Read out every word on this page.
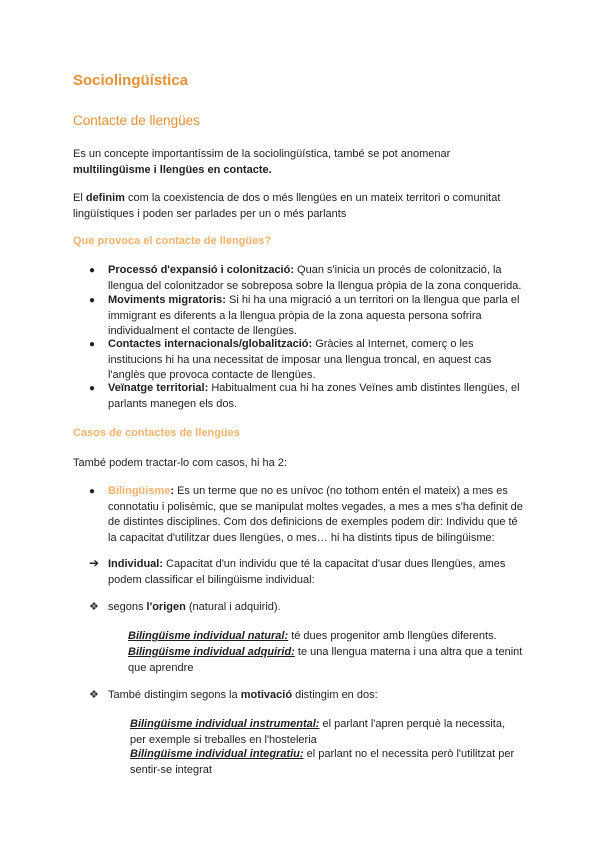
Sociolingüística
Contacte de llengües
Es un concepte importantíssim de la sociolingüística, també se pot anomenar
multilingüisme i llengües en contacte.
El definim com la coexistencia de dos o més llengües en un mateix territori o comunitat
lingüístiques i poden ser parlades per un o més parlants
Que provoca el contacte de llengües?
● Processó d'expansió i colonització: Quan s'inicia un procés de colonització, la
llengua del colonitzador se sobreposa sobre la llengua pròpia de la zona conquerida.
● Moviments migratoris: Si hi ha una migració a un territori on la llengua que parla el
immigrant es diferents a la llengua pròpia de la zona aquesta persona sofrira
individualment el contacte de llengües.
● Contactes internacionals/globalització: Gràcies al Internet, comerç o les
institucions hi ha una necessitat de imposar una llengua troncal, en aquest cas
l'anglès que provoca contacte de llengües.
● Veïnatge territorial: Habitualment cua hi ha zones Veïnes amb distintes llengües, el
parlants manegen els dos.
Casos de contactes de llengües
També podem tractar-lo com casos, hi ha 2:
● Bilingüisme: Es un terme que no es unívoc (no tothom entén el mateix) a mes es
connotatiu i polisèmic, que se manipulat moltes vegades, a mes a mes s'ha definit de
de distintes disciplines. Com dos definicions de exemples podem dir: Individu que té
la capacitat d'utilitzar dues llengües, o mes… hi ha distints tipus de bilingüisme:
➔ Individual: Capacitat d'un individu que té la capacitat d'usar dues llengües, ames
podem classificar el bilingüisme individual:
❖ segons l'origen (natural i adquirid).
Bilingüisme individual natural: té dues progenitor amb llengües diferents.
Bilingüisme individual adquirid: te una llengua materna i una altra que a tenint
que aprendre
❖ També distingim segons la motivació distingim en dos:
Bilingüisme individual instrumental: el parlant l'apren perquè la necessita,
per exemple si treballes en l'hosteleria
Bilingüisme individual integratiu: el parlant no el necessita però l'utilitzat per
sentir-se integrat
